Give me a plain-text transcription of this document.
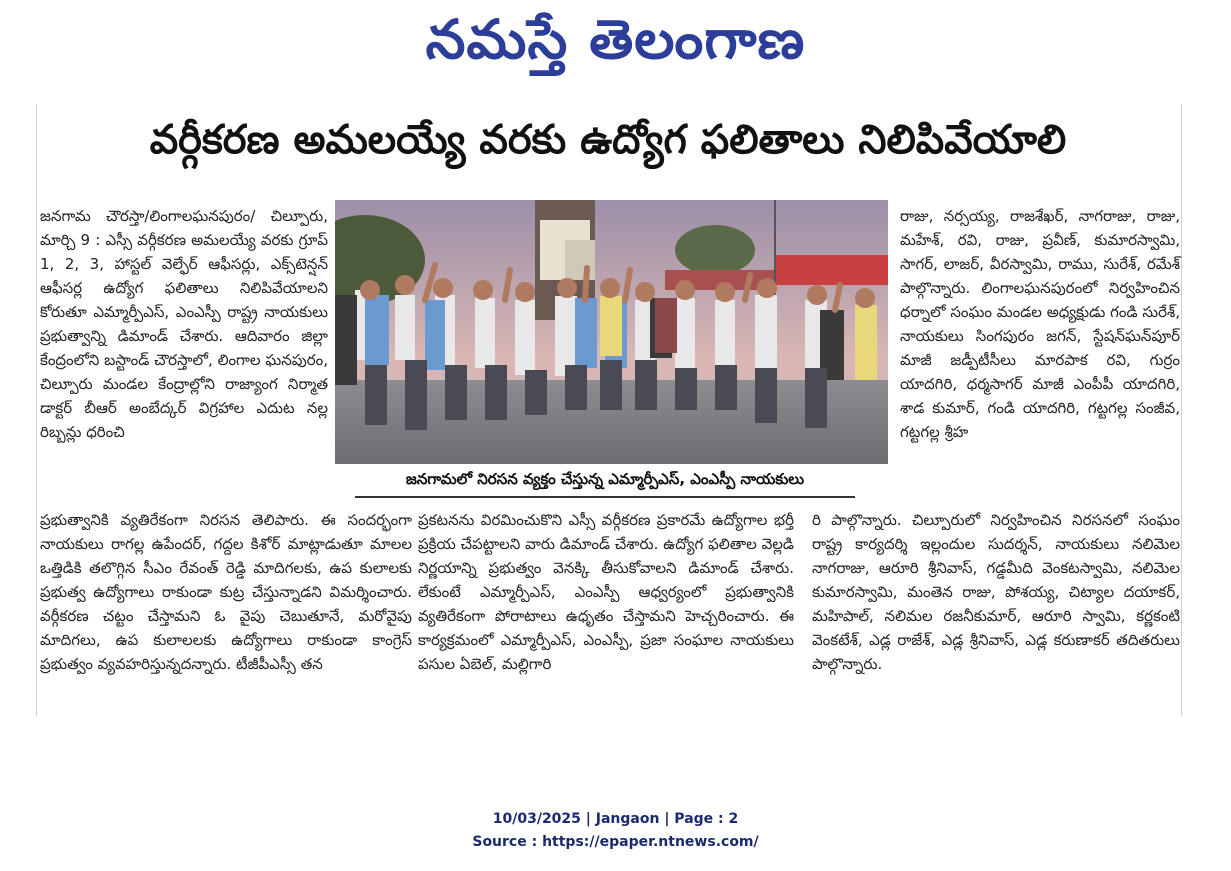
నమస్తే తెలంగాణ
వర్గీకరణ అమలయ్యే వరకు ఉద్యోగ ఫలితాలు నిలిపివేయాలి

జనగామ చౌరస్తా/లింగాలఘనపురం/ చిల్పూరు, మార్చి 9 : ఎస్సీ వర్గీకరణ అమలయ్యే వరకు గ్రూప్ 1, 2, 3, హాస్టల్ వెల్ఫేర్ ఆఫీసర్లు, ఎక్స్‌టెన్షన్ ఆఫీసర్ల ఉద్యోగ ఫలితాలు నిలిపివేయాలని కోరుతూ ఎమ్మార్పీఎస్, ఎంఎస్పీ రాష్ట్ర నాయకులు ప్రభుత్వాన్ని డిమాండ్ చేశారు. ఆదివారం జిల్లా కేంద్రంలోని బస్టాండ్ చౌరస్తాలో, లింగాల ఘనపురం, చిల్పూరు మండల కేంద్రాల్లోని రాజ్యాంగ నిర్మాత డాక్టర్ బీఆర్ అంబేద్కర్ విగ్రహాల ఎదుట నల్ల రిబ్బన్లు ధరించి

జనగామలో నిరసన వ్యక్తం చేస్తున్న ఎమ్మార్పీఎస్, ఎంఎస్పీ నాయకులు

రాజు, నర్సయ్య, రాజశేఖర్, నాగరాజు, రాజు, మహేశ్, రవి, రాజు, ప్రవీణ్, కుమారస్వామి, సాగర్, లాజర్, వీరస్వామి, రాము, సురేశ్, రమేశ్ పాల్గొన్నారు. లింగాలఘనపురంలో నిర్వహించిన ధర్నాలో సంఘం మండల అధ్యక్షుడు గండి సురేశ్, నాయకులు సింగపురం జగన్, స్టేషన్‌ఘన్‌పూర్ మాజీ జడ్పీటీసీలు మారపాక రవి, గుర్రం యాదగిరి, ధర్మసాగర్ మాజీ ఎంపీపీ యాదగిరి, శాడ కుమార్, గండి యాదగిరి, గట్టగల్ల సంజీవ, గట్టగల్ల శ్రీహ

ప్రభుత్వానికి వ్యతిరేకంగా నిరసన తెలిపారు. ఈ సందర్భంగా నాయకులు రాగల్ల ఉపేందర్, గద్దల కిశోర్ మాట్లాడుతూ మాలల ఒత్తిడికి తలొగ్గిన సీఎం రేవంత్ రెడ్డి మాదిగలకు, ఉప కులాలకు ప్రభుత్వ ఉద్యోగాలు రాకుండా కుట్ర చేస్తున్నాడని విమర్శించారు. వర్గీకరణ చట్టం చేస్తామని ఓ వైపు చెబుతూనే, మరోవైపు మాదిగలు, ఉప కులాలలకు ఉద్యోగాలు రాకుండా కాంగ్రెస్ ప్రభుత్వం వ్యవహరిస్తున్నదన్నారు. టీజీపీఎస్సీ తన

ప్రకటనను విరమించుకొని ఎస్సీ వర్గీకరణ ప్రకారమే ఉద్యోగాల భర్తీ ప్రక్రియ చేపట్టాలని వారు డిమాండ్ చేశారు. ఉద్యోగ ఫలితాల వెల్లడి నిర్ణయాన్ని ప్రభుత్వం వెనక్కి తీసుకోవాలని డిమాండ్ చేశారు. లేకుంటే ఎమ్మార్పీఎస్, ఎంఎస్పీ ఆధ్వర్యంలో ప్రభుత్వానికి వ్యతిరేకంగా పోరాటాలు ఉధృతం చేస్తామని హెచ్చరించారు. ఈ కార్యక్రమంలో ఎమ్మార్పీఎస్, ఎంఎస్పీ, ప్రజా సంఘాల నాయకులు పసుల ఏబెల్, మల్లిగారి

రి పాల్గొన్నారు. చిల్పూరులో నిర్వహించిన నిరసనలో సంఘం రాష్ట్ర కార్యదర్శి ఇల్లందుల సుదర్శన్, నాయకులు నలిమెల నాగరాజు, ఆరూరి శ్రీనివాస్, గడ్డమీది వెంకటస్వామి, నలిమెల కుమారస్వామి, మంతెన రాజు, పోశయ్య, చిట్యాల దయాకర్, మహిపాల్, నలిమల రజనీకుమార్, ఆరూరి స్వామి, కర్ణకంటి వెంకటేశ్, ఎడ్ల రాజేశ్, ఎడ్ల శ్రీనివాస్, ఎడ్ల కరుణాకర్ తదితరులు పాల్గొన్నారు.

10/03/2025 | Jangaon | Page : 2
Source : https://epaper.ntnews.com/
